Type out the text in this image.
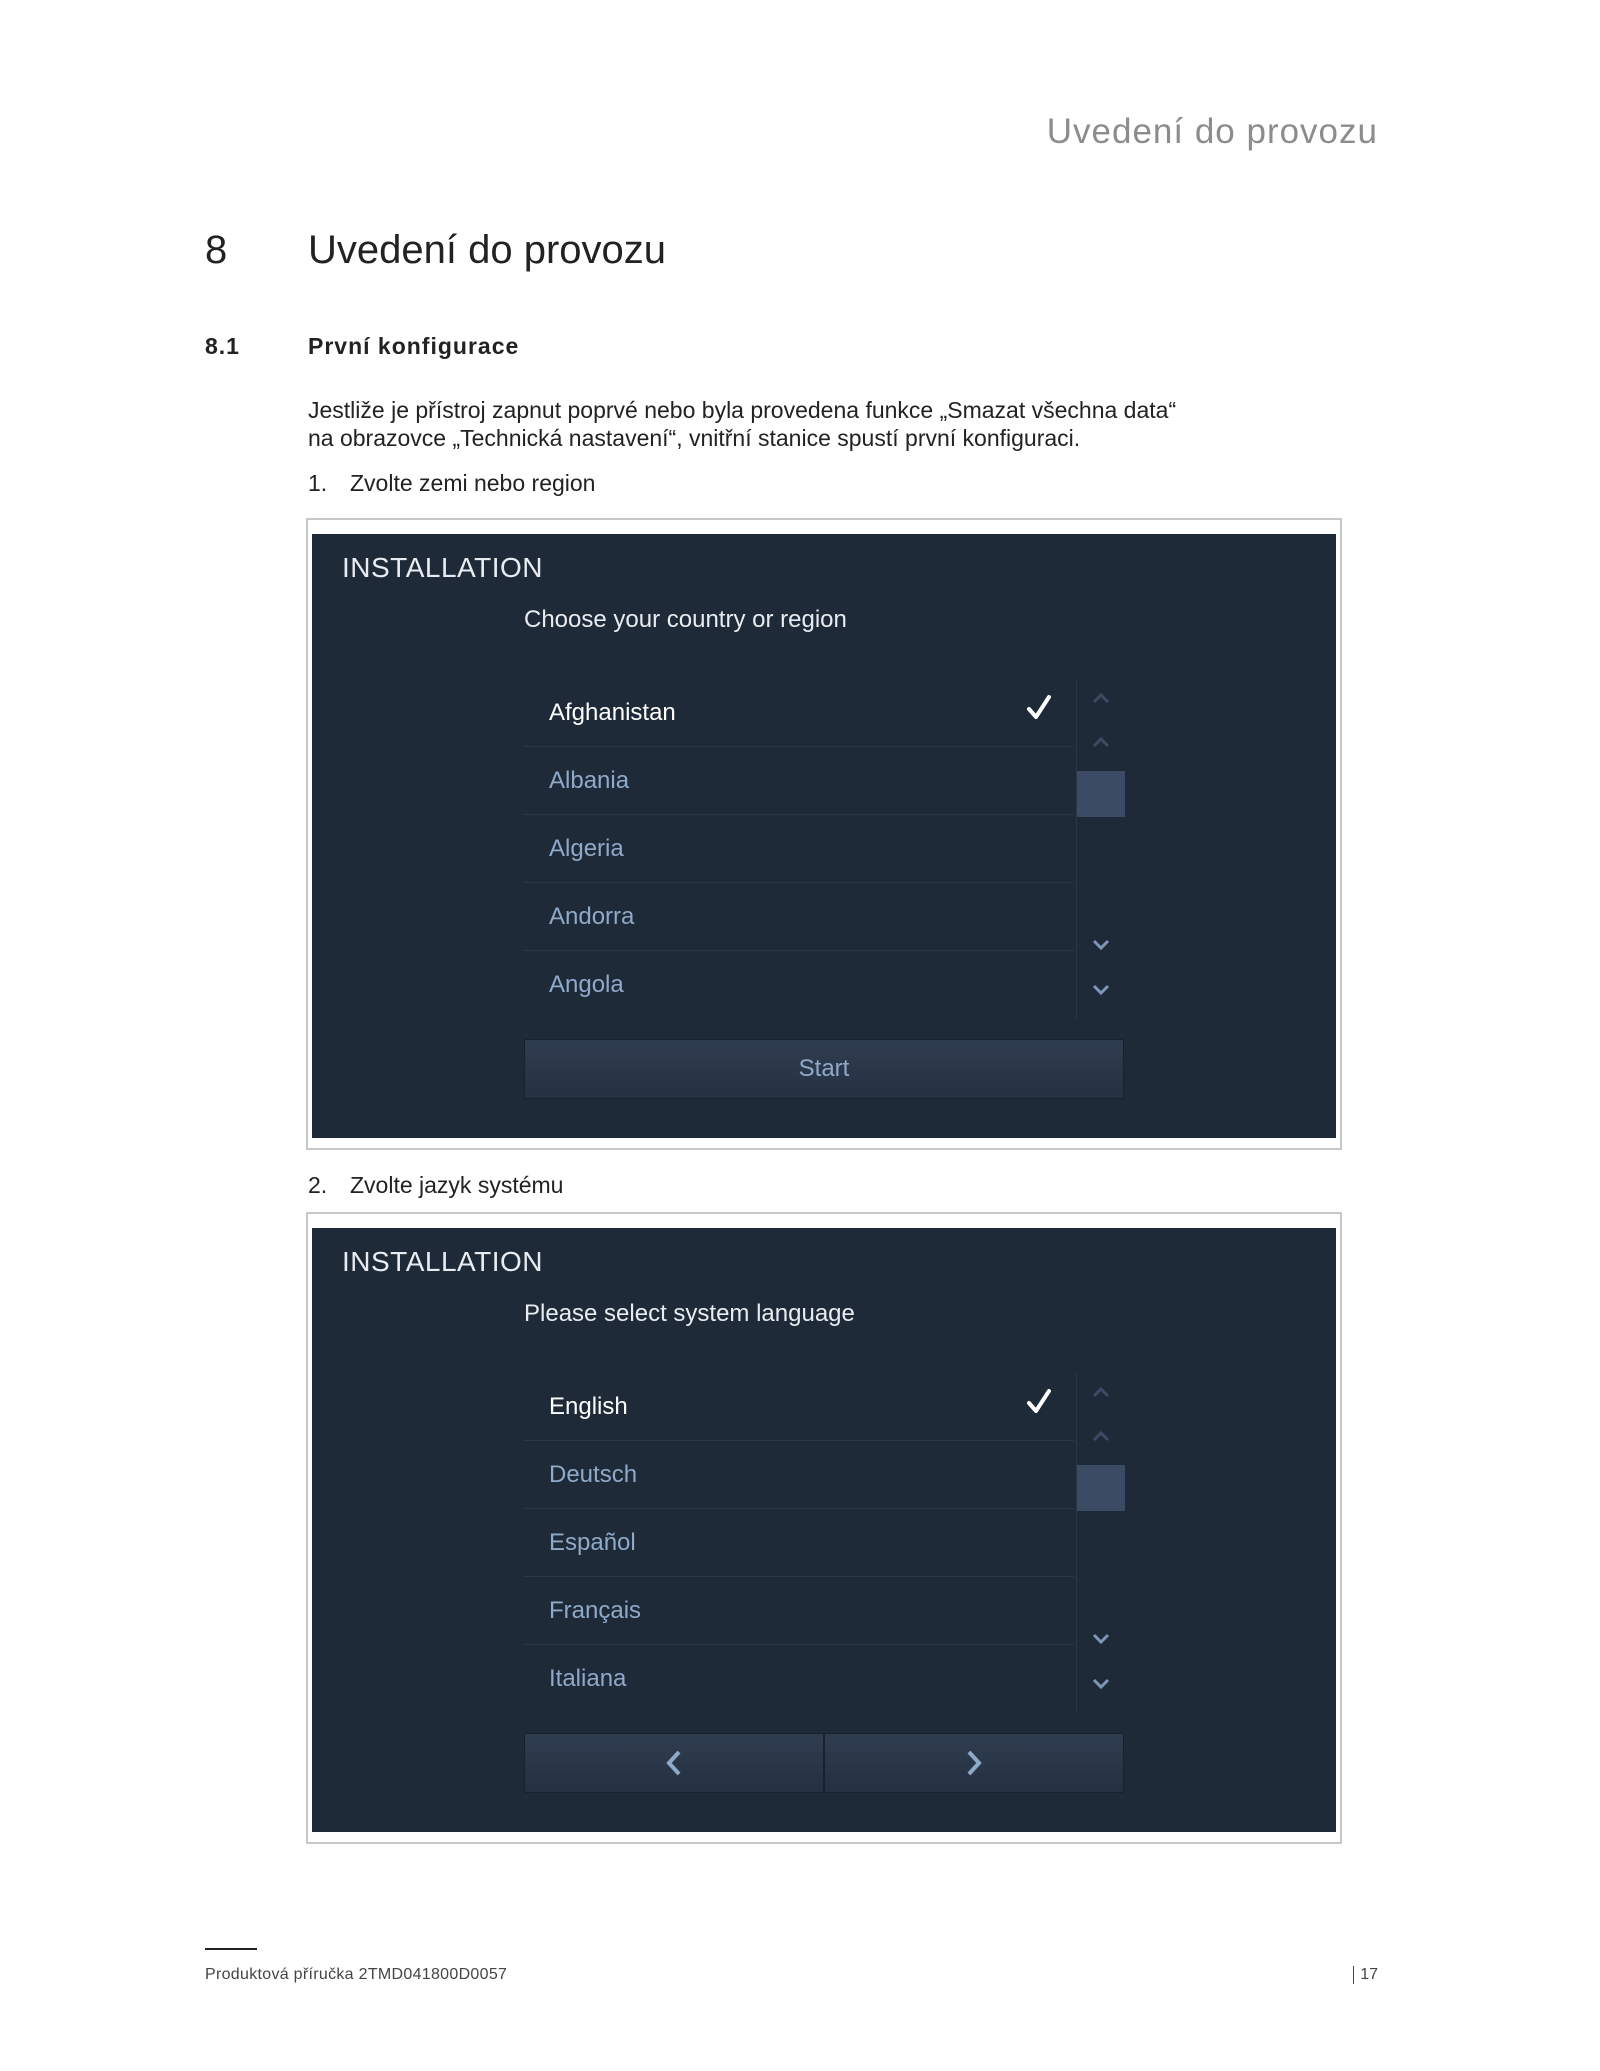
Uvedení do provozu
8 Uvedení do provozu
8.1	První konfigurace
Jestliže je přístroj zapnut poprvé nebo byla provedena funkce „Smazat všechna data“
na obrazovce „Technická nastavení“, vnitřní stanice spustí první konfiguraci.
1. Zvolte zemi nebo region
INSTALLATION
Choose your country or region
Afghanistan
Albania
Algeria
Andorra
Angola
Start
2. Zvolte jazyk systému
INSTALLATION
Please select system language
English
Deutsch
Español
Français
Italiana
Produktová příručka 2TMD041800D0057	17
